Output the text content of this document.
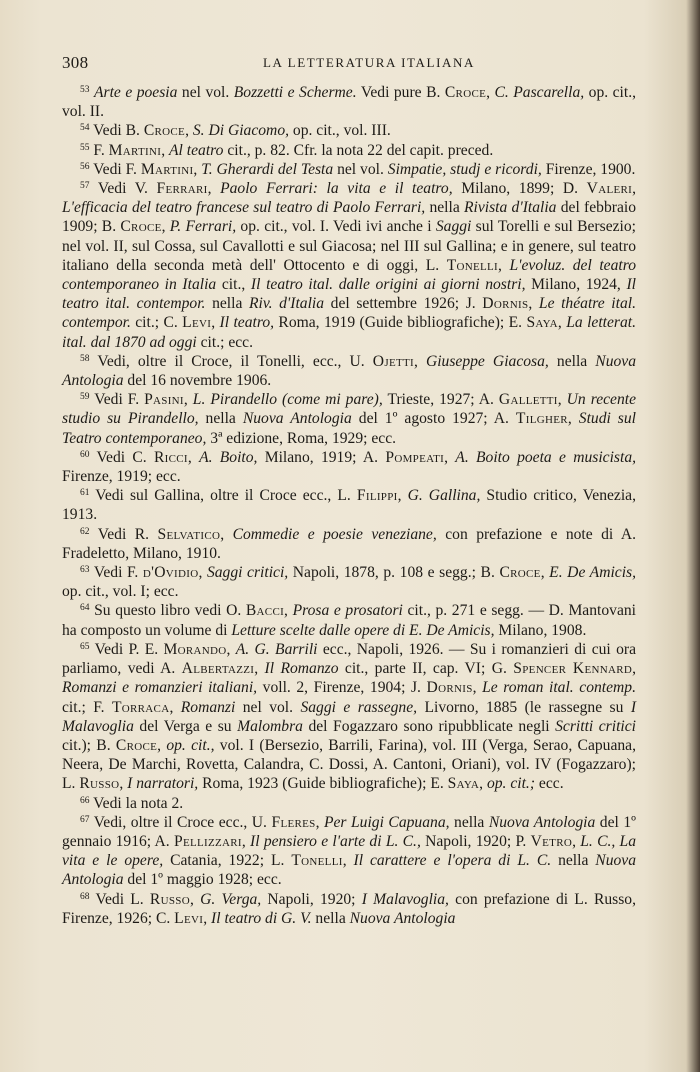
308	LA LETTERATURA ITALIANA

$^{53}$ Arte e poesia nel vol. Bozzetti e Scherme. Vedi pure B. Croce, C. Pascarella, op. cit., vol. II.

$^{54}$ Vedi B. Croce, S. Di Giacomo, op. cit., vol. III.

$^{55}$ F. Martini, Al teatro cit., p. 82. Cfr. la nota 22 del capit. preced.

$^{56}$ Vedi F. Martini, T. Gherardi del Testa nel vol. Simpatie, studj e ricordi, Firenze, 1900.

$^{57}$ Vedi V. Ferrari, Paolo Ferrari: la vita e il teatro, Milano, 1899; D. Valeri, L'efficacia del teatro francese sul teatro di Paolo Ferrari, nella Rivista d'Italia del febbraio 1909; B. Croce, P. Ferrari, op. cit., vol. I. Vedi ivi anche i Saggi sul Torelli e sul Bersezio; nel vol. II, sul Cossa, sul Cavallotti e sul Giacosa; nel III sul Gallina; e in genere, sul teatro italiano della seconda metà dell' Ottocento e di oggi, L. Tonelli, L'evoluz. del teatro contemporaneo in Italia cit., Il teatro ital. dalle origini ai giorni nostri, Milano, 1924, Il teatro ital. contempor. nella Riv. d'Italia del settembre 1926; J. Dornis, Le théatre ital. contempor. cit.; C. Levi, Il teatro, Roma, 1919 (Guide bibliografiche); E. Saya, La letterat. ital. dal 1870 ad oggi cit.; ecc.

$^{58}$ Vedi, oltre il Croce, il Tonelli, ecc., U. Ojetti, Giuseppe Giacosa, nella Nuova Antologia del 16 novembre 1906.

$^{59}$ Vedi F. Pasini, L. Pirandello (come mi pare), Trieste, 1927; A. Galletti, Un recente studio su Pirandello, nella Nuova Antologia del 1º agosto 1927; A. Tilgher, Studi sul Teatro contemporaneo, 3ª edizione, Roma, 1929; ecc.

$^{60}$ Vedi C. Ricci, A. Boito, Milano, 1919; A. Pompeati, A. Boito poeta e musicista, Firenze, 1919; ecc.

$^{61}$ Vedi sul Gallina, oltre il Croce ecc., L. Filippi, G. Gallina, Studio critico, Venezia, 1913.

$^{62}$ Vedi R. Selvatico, Commedie e poesie veneziane, con prefazione e note di A. Fradeletto, Milano, 1910.

$^{63}$ Vedi F. d'Ovidio, Saggi critici, Napoli, 1878, p. 108 e segg.; B. Croce, E. De Amicis, op. cit., vol. I; ecc.

$^{64}$ Su questo libro vedi O. Bacci, Prosa e prosatori cit., p. 271 e segg. — D. Mantovani ha composto un volume di Letture scelte dalle opere di E. De Amicis, Milano, 1908.

$^{65}$ Vedi P. E. Morando, A. G. Barrili ecc., Napoli, 1926. — Su i romanzieri di cui ora parliamo, vedi A. Albertazzi, Il Romanzo cit., parte II, cap. VI; G. Spencer Kennard, Romanzi e romanzieri italiani, voll. 2, Firenze, 1904; J. Dornis, Le roman ital. contemp. cit.; F. Torraca, Romanzi nel vol. Saggi e rassegne, Livorno, 1885 (le rassegne su I Malavoglia del Verga e su Malombra del Fogazzaro sono ripubblicate negli Scritti critici cit.); B. Croce, op. cit., vol. I (Bersezio, Barrili, Farina), vol. III (Verga, Serao, Capuana, Neera, De Marchi, Rovetta, Calandra, C. Dossi, A. Cantoni, Oriani), vol. IV (Fogazzaro); L. Russo, I narratori, Roma, 1923 (Guide bibliografiche); E. Saya, op. cit.; ecc.

$^{66}$ Vedi la nota 2.

$^{67}$ Vedi, oltre il Croce ecc., U. Fleres, Per Luigi Capuana, nella Nuova Antologia del 1º gennaio 1916; A. Pellizzari, Il pensiero e l'arte di L. C., Napoli, 1920; P. Vetro, L. C., La vita e le opere, Catania, 1922; L. Tonelli, Il carattere e l'opera di L. C. nella Nuova Antologia del 1º maggio 1928; ecc.

$^{68}$ Vedi L. Russo, G. Verga, Napoli, 1920; I Malavoglia, con prefazione di L. Russo, Firenze, 1926; C. Levi, Il teatro di G. V. nella Nuova Antologia
